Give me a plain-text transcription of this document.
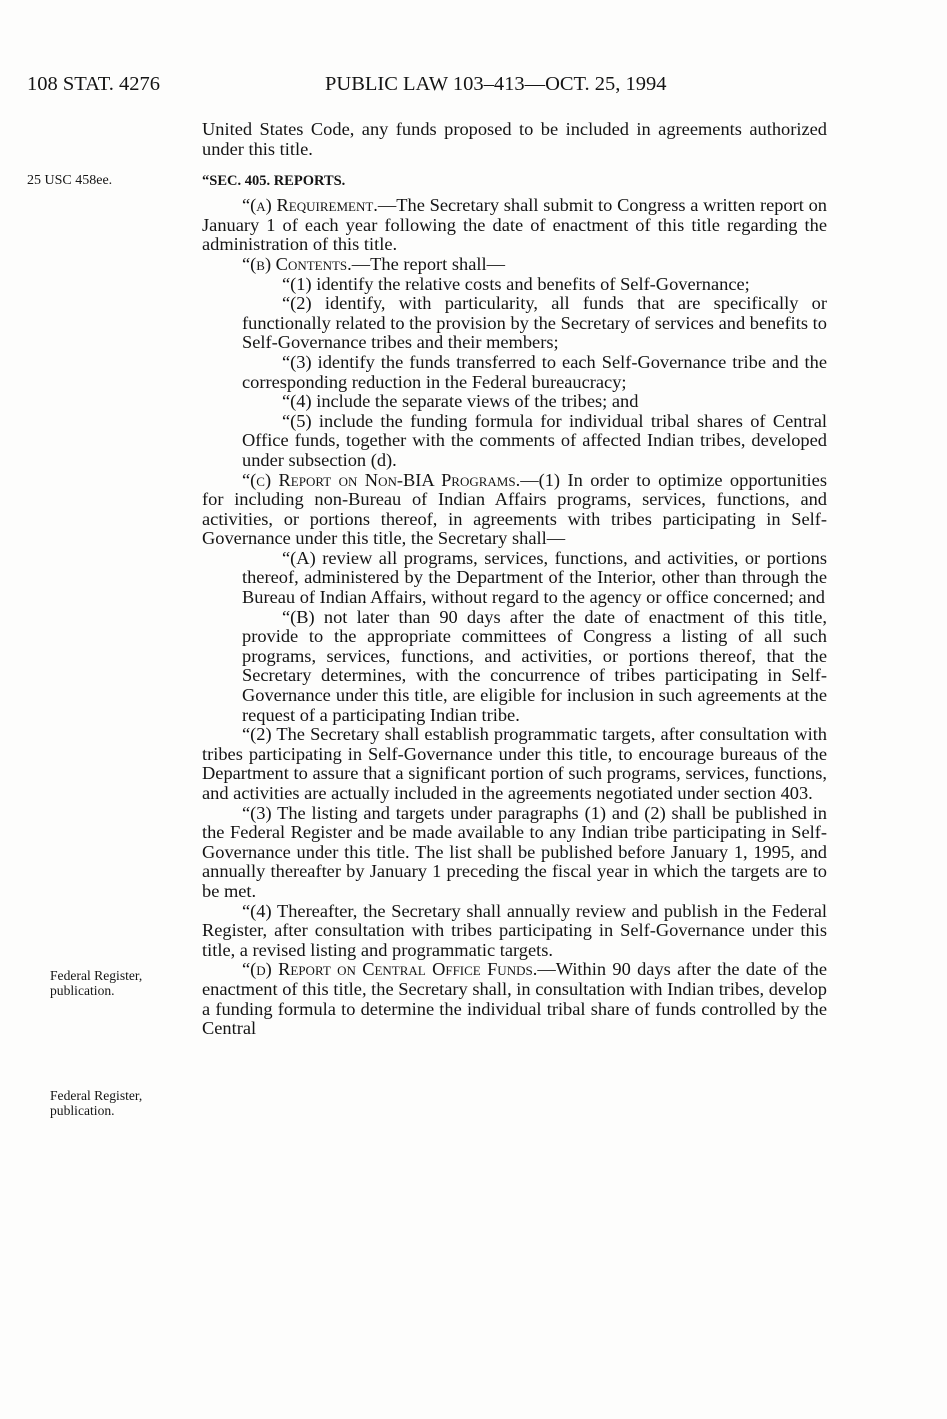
108 STAT. 4276	PUBLIC LAW 103–413—OCT. 25, 1994
25 USC 458ee.
Federal Register, publication.
Federal Register, publication.

United States Code, any funds proposed to be included in agreements authorized under this title.

“SEC. 405. REPORTS.

“(a) Requirement.—The Secretary shall submit to Congress a written report on January 1 of each year following the date of enactment of this title regarding the administration of this title.

“(b) Contents.—The report shall—

“(1) identify the relative costs and benefits of Self-Governance;

“(2) identify, with particularity, all funds that are specifically or functionally related to the provision by the Secretary of services and benefits to Self-Governance tribes and their members;

“(3) identify the funds transferred to each Self-Governance tribe and the corresponding reduction in the Federal bureaucracy;

“(4) include the separate views of the tribes; and

“(5) include the funding formula for individual tribal shares of Central Office funds, together with the comments of affected Indian tribes, developed under subsection (d).

“(c) Report on Non-BIA Programs.—(1) In order to optimize opportunities for including non-Bureau of Indian Affairs programs, services, functions, and activities, or portions thereof, in agreements with tribes participating in Self-Governance under this title, the Secretary shall—

“(A) review all programs, services, functions, and activities, or portions thereof, administered by the Department of the Interior, other than through the Bureau of Indian Affairs, without regard to the agency or office concerned; and

“(B) not later than 90 days after the date of enactment of this title, provide to the appropriate committees of Congress a listing of all such programs, services, functions, and activities, or portions thereof, that the Secretary determines, with the concurrence of tribes participating in Self-Governance under this title, are eligible for inclusion in such agreements at the request of a participating Indian tribe.

“(2) The Secretary shall establish programmatic targets, after consultation with tribes participating in Self-Governance under this title, to encourage bureaus of the Department to assure that a significant portion of such programs, services, functions, and activities are actually included in the agreements negotiated under section 403.

“(3) The listing and targets under paragraphs (1) and (2) shall be published in the Federal Register and be made available to any Indian tribe participating in Self-Governance under this title. The list shall be published before January 1, 1995, and annually thereafter by January 1 preceding the fiscal year in which the targets are to be met.

“(4) Thereafter, the Secretary shall annually review and publish in the Federal Register, after consultation with tribes participating in Self-Governance under this title, a revised listing and programmatic targets.

“(d) Report on Central Office Funds.—Within 90 days after the date of the enactment of this title, the Secretary shall, in consultation with Indian tribes, develop a funding formula to determine the individual tribal share of funds controlled by the Central
